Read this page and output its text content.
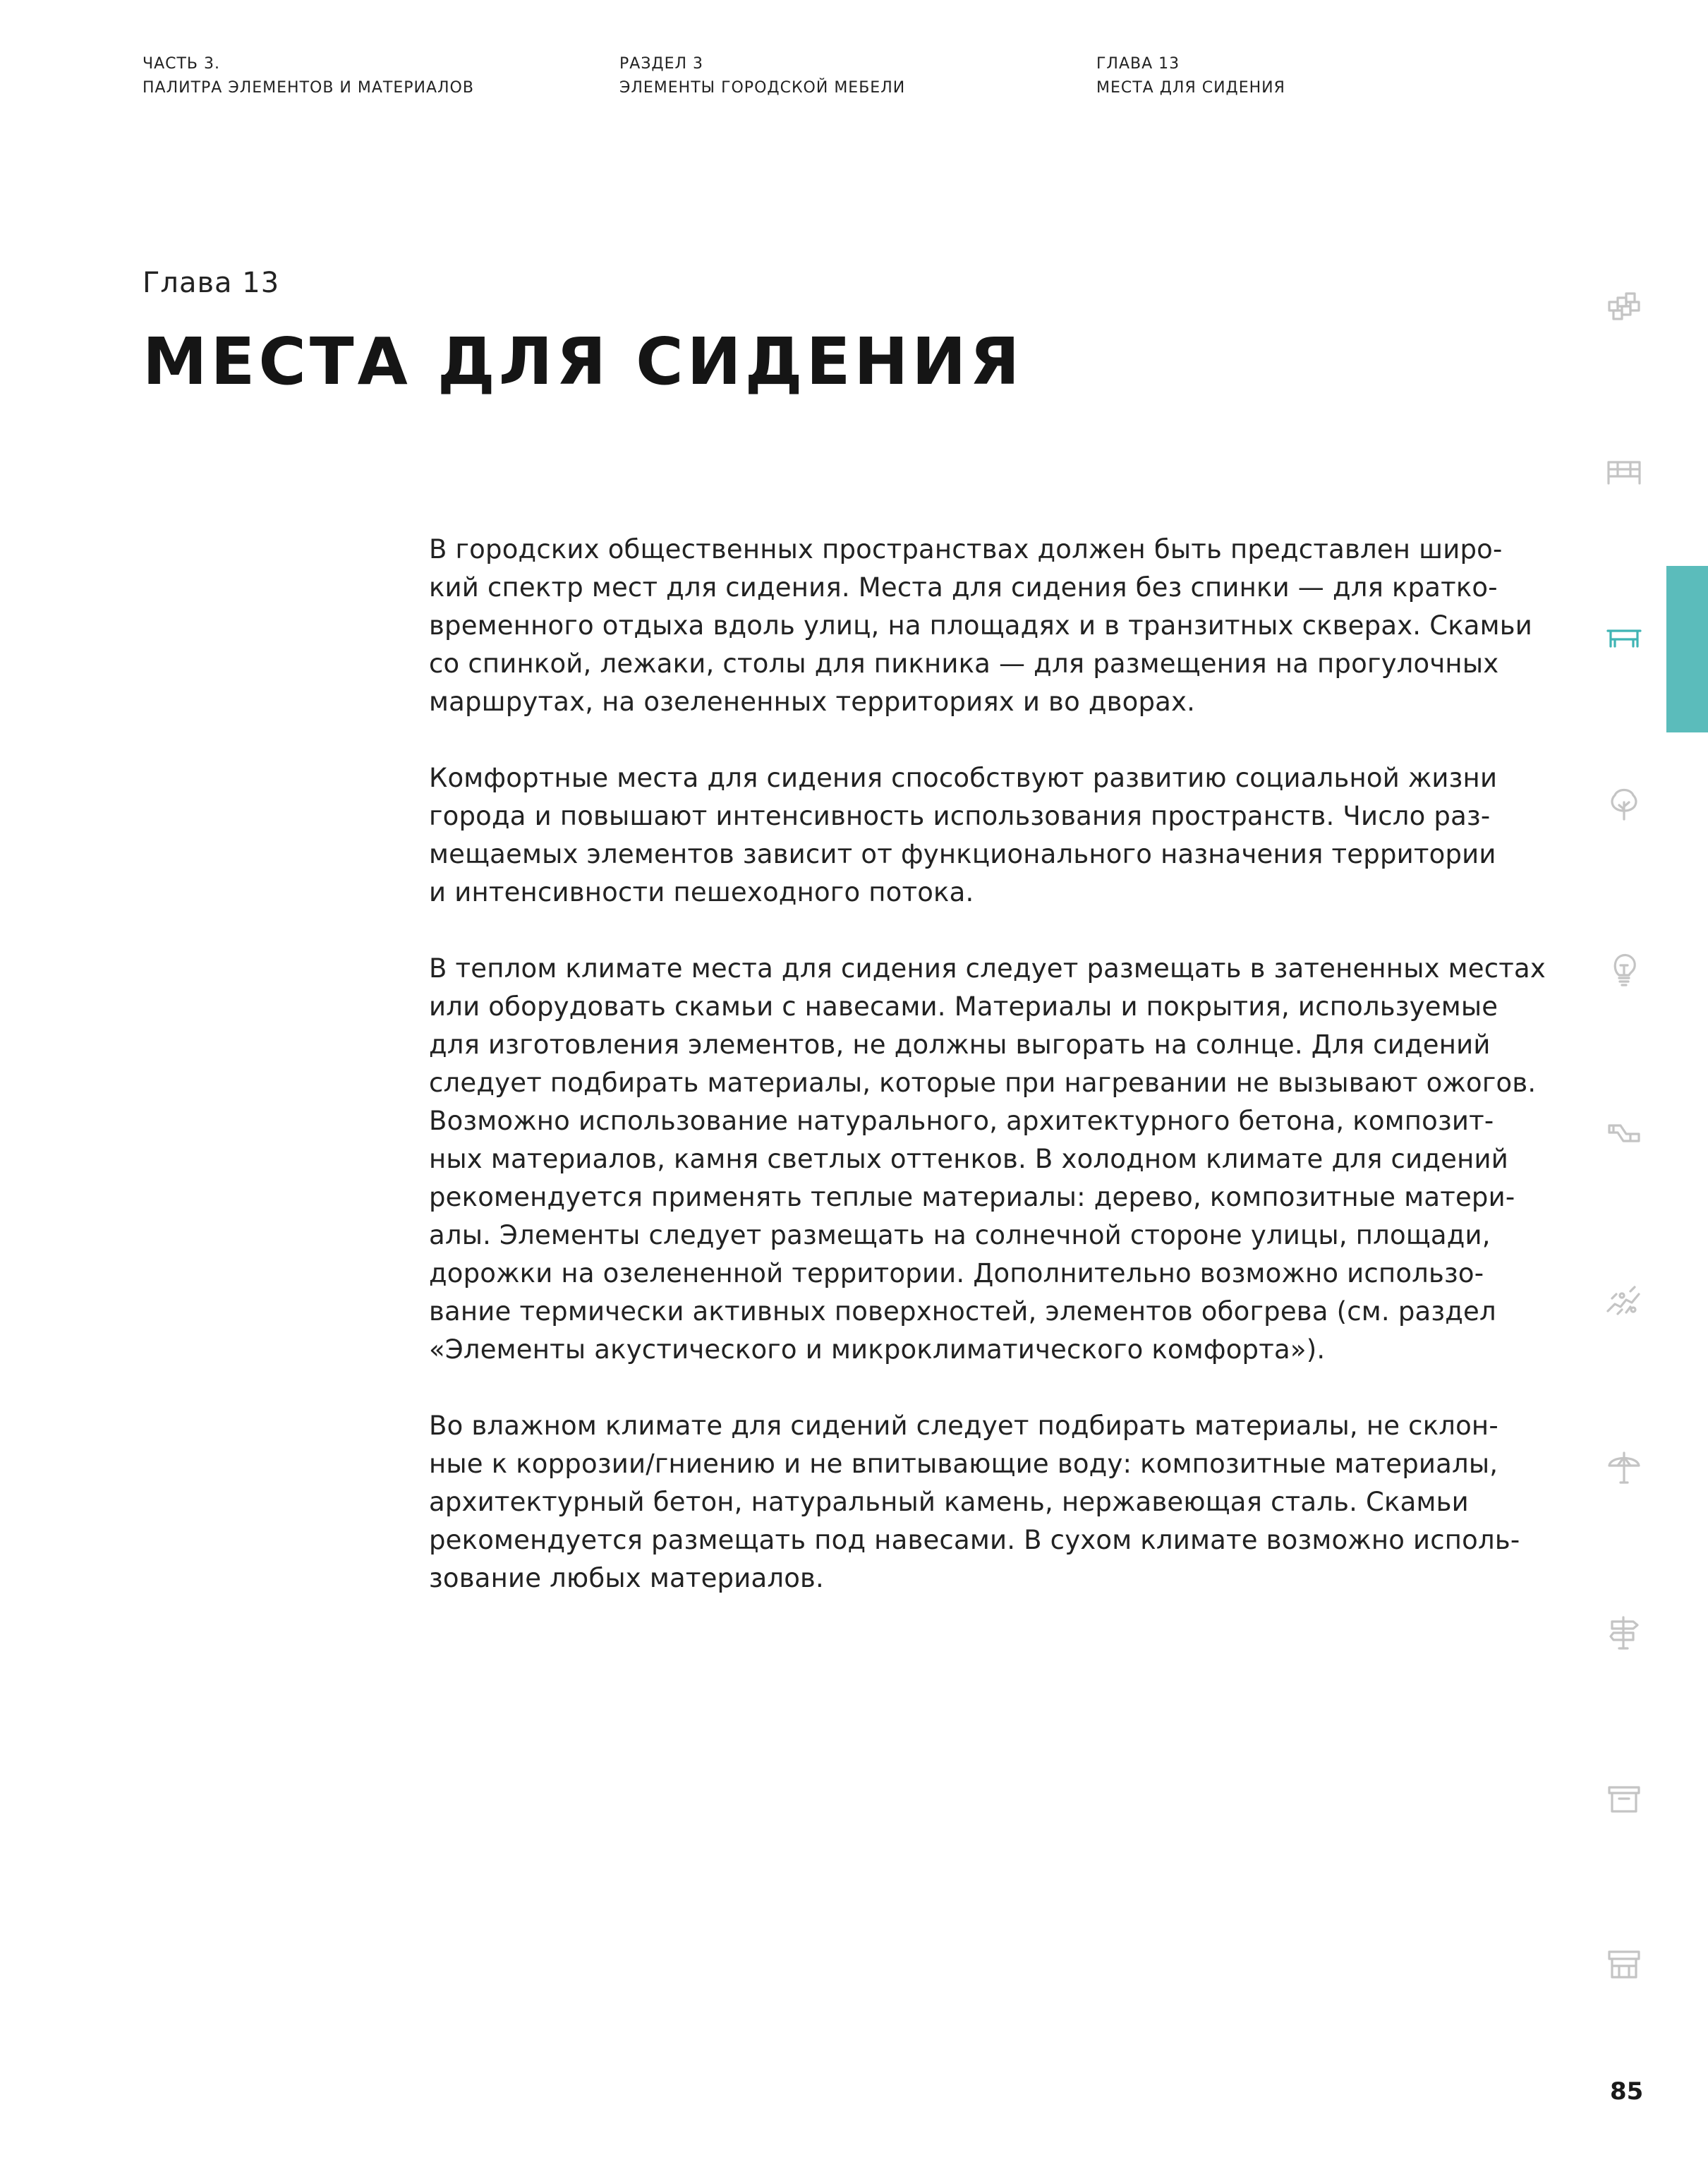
ЧАСТЬ 3.
ПАЛИТРА ЭЛЕМЕНТОВ И МАТЕРИАЛОВ
РАЗДЕЛ 3
ЭЛЕМЕНТЫ ГОРОДСКОЙ МЕБЕЛИ
ГЛАВА 13
МЕСТА ДЛЯ СИДЕНИЯ
Глава 13
МЕСТА ДЛЯ СИДЕНИЯ

В городских общественных пространствах должен быть представлен широ-
кий спектр мест для сидения. Места для сидения без спинки — для кратко-
временного отдыха вдоль улиц, на площадях и в транзитных скверах. Скамьи
со спинкой, лежаки, столы для пикника — для размещения на прогулочных
маршрутах, на озелененных территориях и во дворах.

Комфортные места для сидения способствуют развитию социальной жизни
города и повышают интенсивность использования пространств. Число раз-
мещаемых элементов зависит от функционального назначения территории
и интенсивности пешеходного потока.

В теплом климате места для сидения следует размещать в затененных местах
или оборудовать скамьи с навесами. Материалы и покрытия, используемые
для изготовления элементов, не должны выгорать на солнце. Для сидений
следует подбирать материалы, которые при нагревании не вызывают ожогов.
Возможно использование натурального, архитектурного бетона, композит-
ных материалов, камня светлых оттенков. В холодном климате для сидений
рекомендуется применять теплые материалы: дерево, композитные матери-
алы. Элементы следует размещать на солнечной стороне улицы, площади,
дорожки на озелененной территории. Дополнительно возможно использо-
вание термически активных поверхностей, элементов обогрева (см. раздел
«Элементы акустического и микроклиматического комфорта»).

Во влажном климате для сидений следует подбирать материалы, не склон-
ные к коррозии/гниению и не впитывающие воду: композитные материалы,
архитектурный бетон, натуральный камень, нержавеющая сталь. Скамьи
рекомендуется размещать под навесами. В сухом климате возможно исполь-
зование любых материалов.

85
